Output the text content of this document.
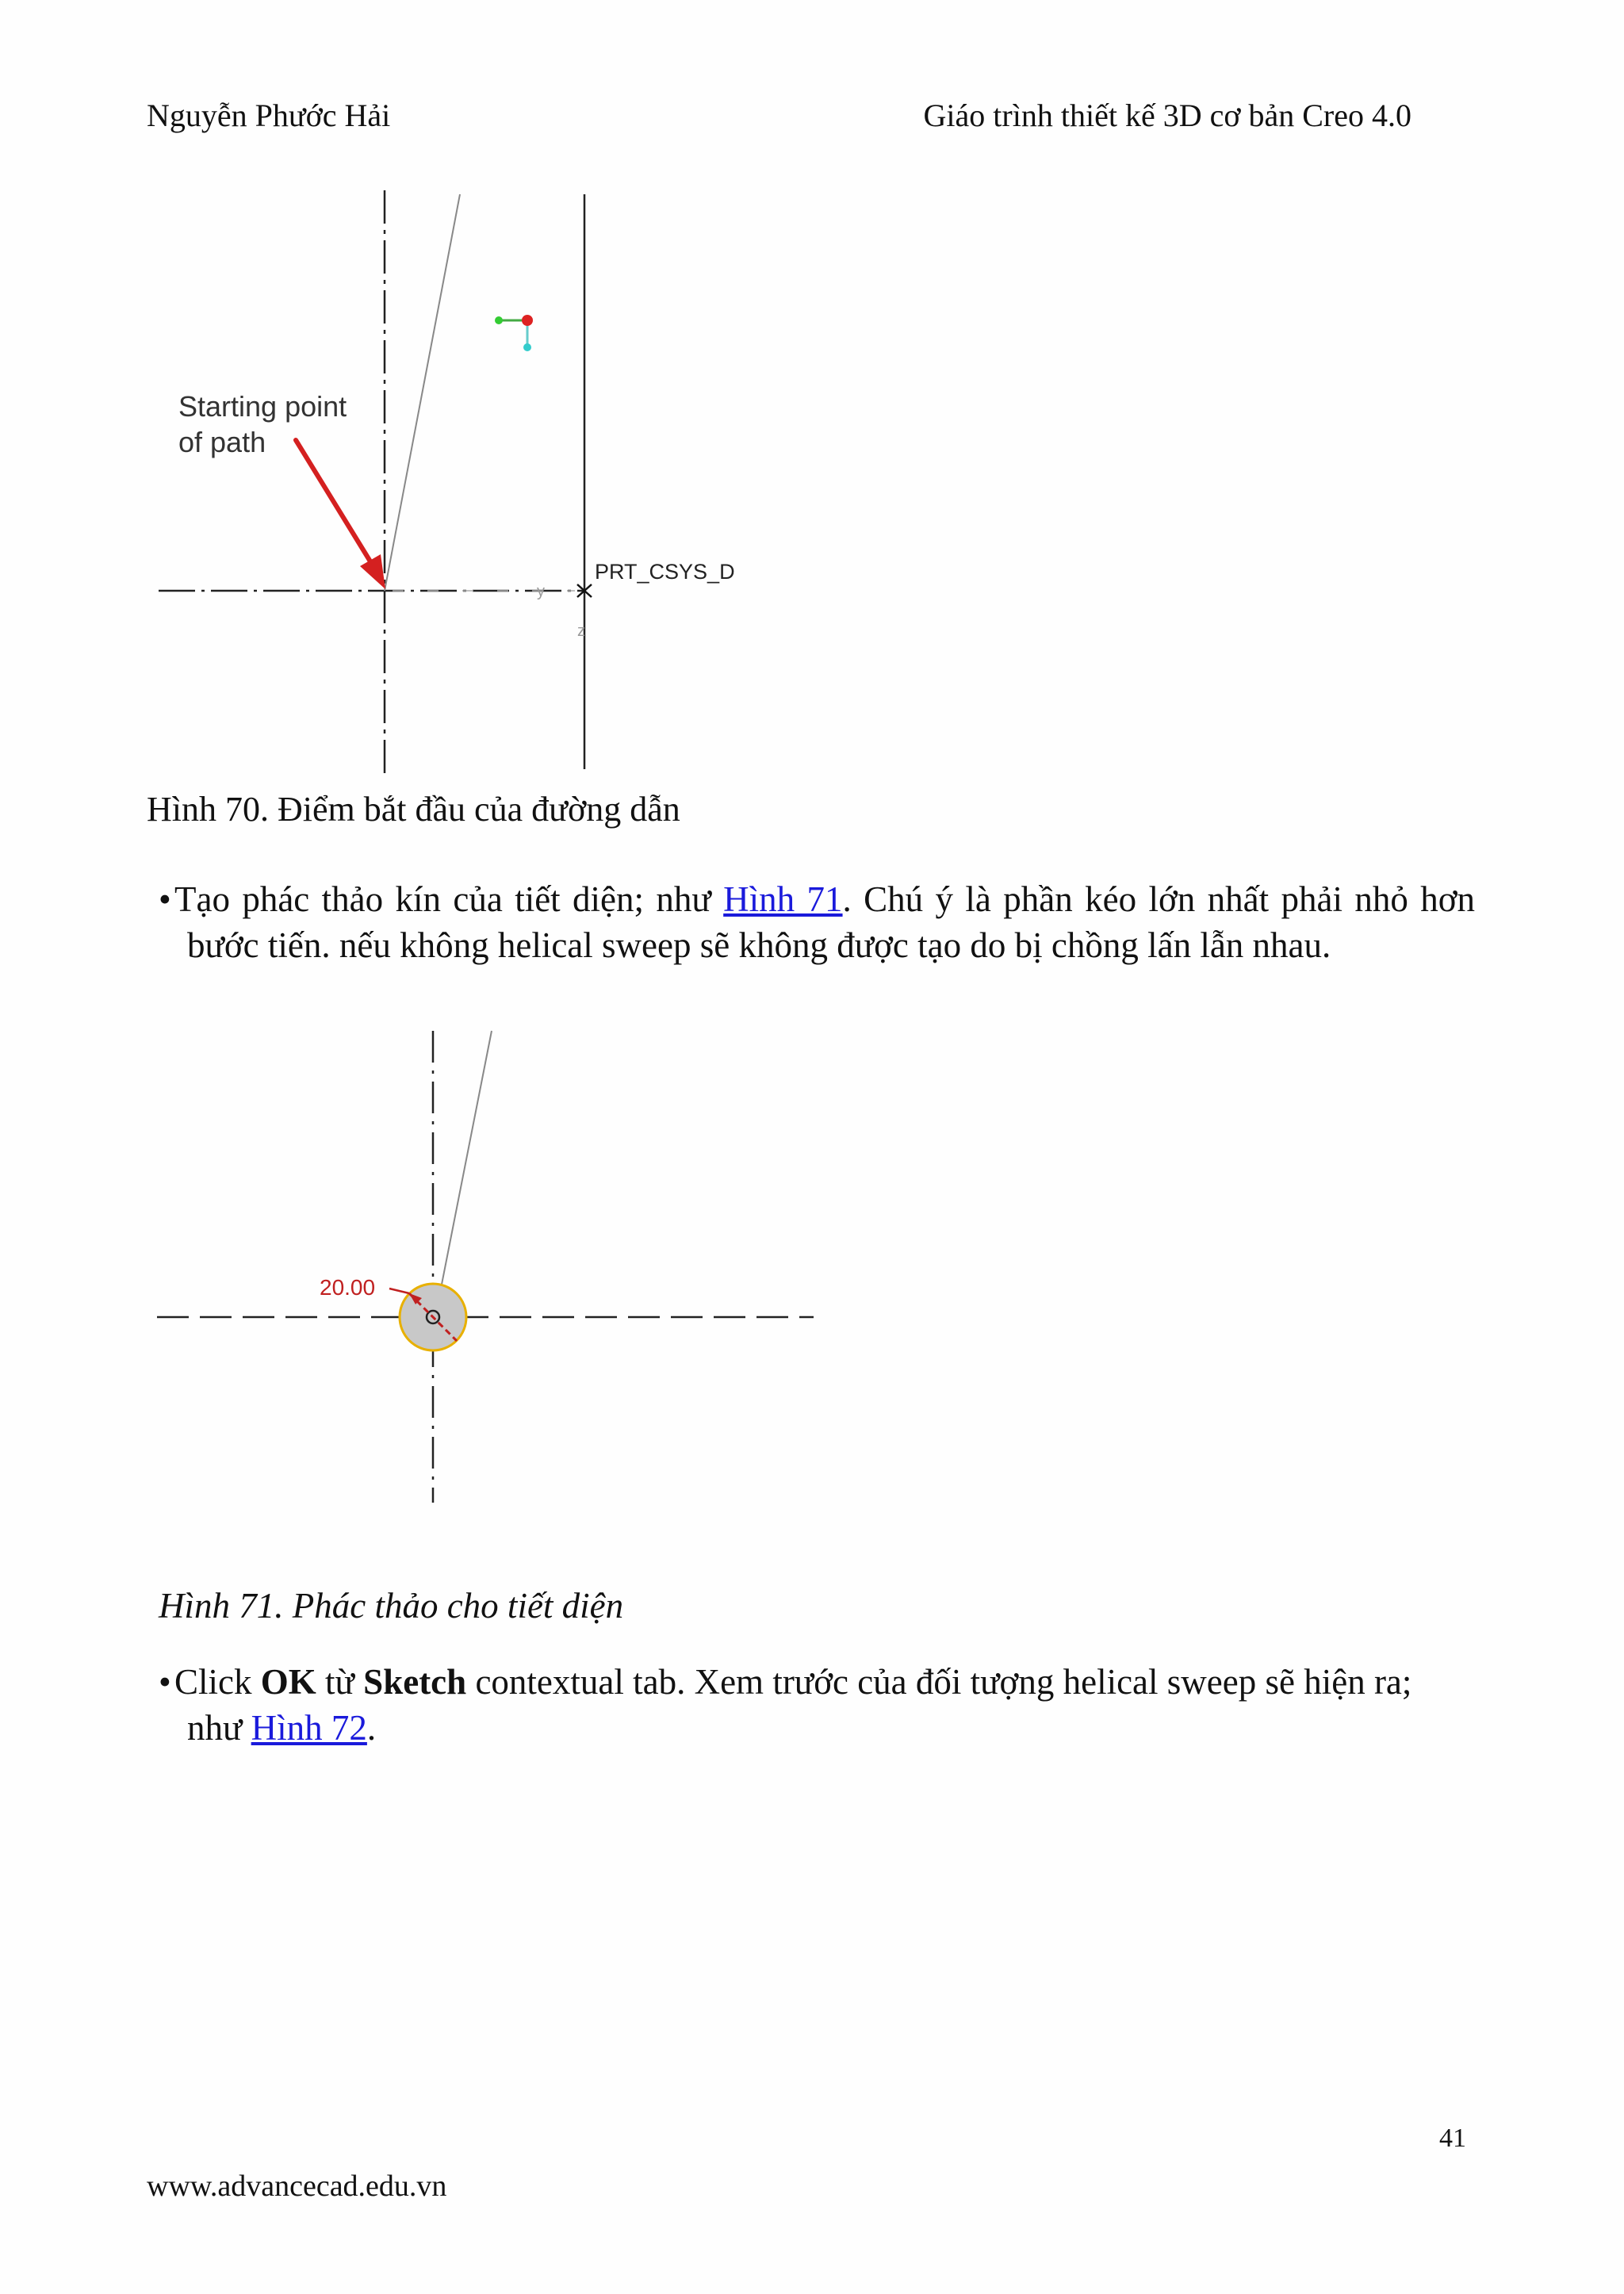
Nguyễn Phước Hải	Giáo trình thiết kế 3D cơ bản Creo 4.0
PRT_CSYS_D
y
z
Starting point
of path
Hình 70. Điểm bắt đầu của đường dẫn
• Tạo phác thảo kín của tiết diện; như Hình 71. Chú ý là phần kéo lớn nhất phải nhỏ hơn bước tiến. nếu không helical sweep sẽ không được tạo do bị chồng lấn lẫn nhau.

20.00
Hình 71. Phác thảo cho tiết diện
• Click OK từ Sketch contextual tab. Xem trước của đối tượng helical sweep sẽ hiện ra; như Hình 72.

41
www.advancecad.edu.vn
